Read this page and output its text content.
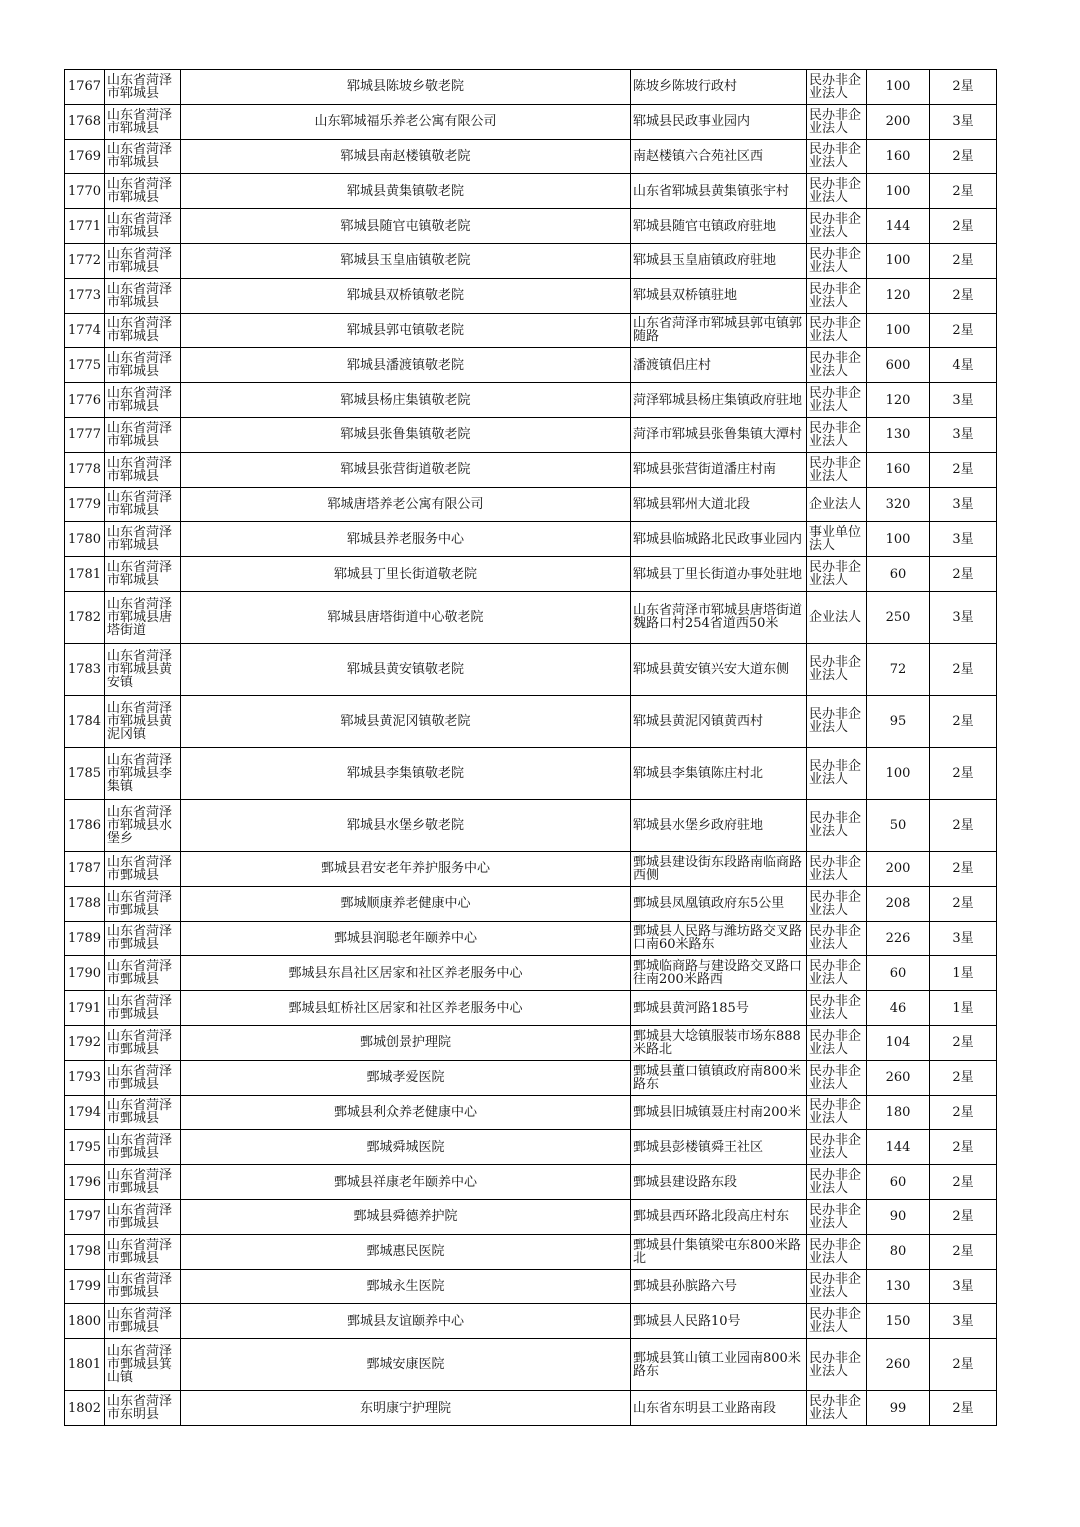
1767	山东省菏泽市郓城县	郓城县陈坡乡敬老院	陈坡乡陈坡行政村	民办非企业法人	100	2星
1768	山东省菏泽市郓城县	山东郓城福乐养老公寓有限公司	郓城县民政事业园内	民办非企业法人	200	3星
1769	山东省菏泽市郓城县	郓城县南赵楼镇敬老院	南赵楼镇六合苑社区西	民办非企业法人	160	2星
1770	山东省菏泽市郓城县	郓城县黄集镇敬老院	山东省郓城县黄集镇张宇村	民办非企业法人	100	2星
1771	山东省菏泽市郓城县	郓城县随官屯镇敬老院	郓城县随官屯镇政府驻地	民办非企业法人	144	2星
1772	山东省菏泽市郓城县	郓城县玉皇庙镇敬老院	郓城县玉皇庙镇政府驻地	民办非企业法人	100	2星
1773	山东省菏泽市郓城县	郓城县双桥镇敬老院	郓城县双桥镇驻地	民办非企业法人	120	2星
1774	山东省菏泽市郓城县	郓城县郭屯镇敬老院	山东省菏泽市郓城县郭屯镇郭随路	民办非企业法人	100	2星
1775	山东省菏泽市郓城县	郓城县潘渡镇敬老院	潘渡镇侣庄村	民办非企业法人	600	4星
1776	山东省菏泽市郓城县	郓城县杨庄集镇敬老院	菏泽郓城县杨庄集镇政府驻地	民办非企业法人	120	3星
1777	山东省菏泽市郓城县	郓城县张鲁集镇敬老院	菏泽市郓城县张鲁集镇大潭村	民办非企业法人	130	3星
1778	山东省菏泽市郓城县	郓城县张营街道敬老院	郓城县张营街道潘庄村南	民办非企业法人	160	2星
1779	山东省菏泽市郓城县	郓城唐塔养老公寓有限公司	郓城县郓州大道北段	企业法人	320	3星
1780	山东省菏泽市郓城县	郓城县养老服务中心	郓城县临城路北民政事业园内	事业单位法人	100	3星
1781	山东省菏泽市郓城县	郓城县丁里长街道敬老院	郓城县丁里长街道办事处驻地	民办非企业法人	60	2星
1782	山东省菏泽市郓城县唐塔街道	郓城县唐塔街道中心敬老院	山东省菏泽市郓城县唐塔街道魏路口村254省道西50米	企业法人	250	3星
1783	山东省菏泽市郓城县黄安镇	郓城县黄安镇敬老院	郓城县黄安镇兴安大道东侧	民办非企业法人	72	2星
1784	山东省菏泽市郓城县黄泥冈镇	郓城县黄泥冈镇敬老院	郓城县黄泥冈镇黄西村	民办非企业法人	95	2星
1785	山东省菏泽市郓城县李集镇	郓城县李集镇敬老院	郓城县李集镇陈庄村北	民办非企业法人	100	2星
1786	山东省菏泽市郓城县水堡乡	郓城县水堡乡敬老院	郓城县水堡乡政府驻地	民办非企业法人	50	2星
1787	山东省菏泽市鄄城县	鄄城县君安老年养护服务中心	鄄城县建设街东段路南临商路西侧	民办非企业法人	200	2星
1788	山东省菏泽市鄄城县	鄄城顺康养老健康中心	鄄城县凤凰镇政府东5公里	民办非企业法人	208	2星
1789	山东省菏泽市鄄城县	鄄城县润聪老年颐养中心	鄄城县人民路与潍坊路交叉路口南60米路东	民办非企业法人	226	3星
1790	山东省菏泽市鄄城县	鄄城县东昌社区居家和社区养老服务中心	鄄城临商路与建设路交叉路口往南200米路西	民办非企业法人	60	1星
1791	山东省菏泽市鄄城县	鄄城县虹桥社区居家和社区养老服务中心	鄄城县黄河路185号	民办非企业法人	46	1星
1792	山东省菏泽市鄄城县	鄄城创景护理院	鄄城县大埝镇服装市场东888米路北	民办非企业法人	104	2星
1793	山东省菏泽市鄄城县	鄄城孝爱医院	鄄城县董口镇镇政府南800米路东	民办非企业法人	260	2星
1794	山东省菏泽市鄄城县	鄄城县利众养老健康中心	鄄城县旧城镇聂庄村南200米	民办非企业法人	180	2星
1795	山东省菏泽市鄄城县	鄄城舜城医院	鄄城县彭楼镇舜王社区	民办非企业法人	144	2星
1796	山东省菏泽市鄄城县	鄄城县祥康老年颐养中心	鄄城县建设路东段	民办非企业法人	60	2星
1797	山东省菏泽市鄄城县	鄄城县舜德养护院	鄄城县西环路北段高庄村东	民办非企业法人	90	2星
1798	山东省菏泽市鄄城县	鄄城惠民医院	鄄城县什集镇梁屯东800米路北	民办非企业法人	80	2星
1799	山东省菏泽市鄄城县	鄄城永生医院	鄄城县孙膑路六号	民办非企业法人	130	3星
1800	山东省菏泽市鄄城县	鄄城县友谊颐养中心	鄄城县人民路10号	民办非企业法人	150	3星
1801	山东省菏泽市鄄城县箕山镇	鄄城安康医院	鄄城县箕山镇工业园南800米路东	民办非企业法人	260	2星
1802	山东省菏泽市东明县	东明康宁护理院	山东省东明县工业路南段	民办非企业法人	99	2星
